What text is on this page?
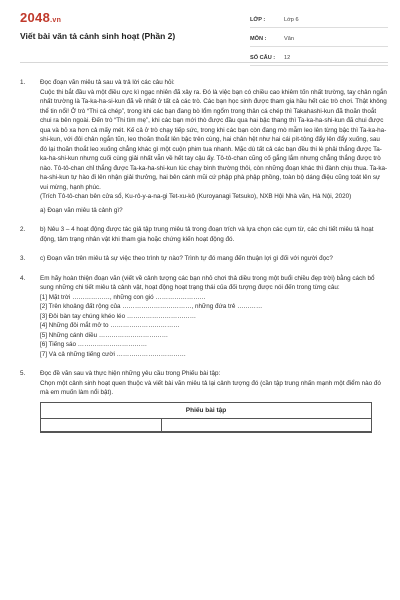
2048.vn
Viết bài văn tả cảnh sinh hoạt (Phần 2)
LỚP :	Lớp 6
MÔN :	Văn
SỐ CÂU :	12
1.	Đọc đoạn văn miêu tả sau và trả lời các câu hỏi:

Cuộc thi bắt đầu và một điều cực kì ngạc nhiên đã xảy ra. Đó là việc bạn có chiều cao khiêm tốn nhất trường, tay chân ngắn nhất trường là Ta-ka-ha-si-kun đã về nhất ở tất cả các trò. Các bạn học sinh được tham gia hầu hết các trò chơi. Thật không thể tin nổi! Ở trò “Thi cá chép”, trong khi các bạn đang bò lổm ngổm trong thân cá chép thì Takahashi-kun đã thoăn thoắt chui ra bên ngoài. Đến trò “Thi tìm mẹ”, khi các bạn mới thò được đầu qua hai bậc thang thì Ta-ka-ha-shi-kun đã chui được qua và bỏ xa hơn cả mấy mét. Kế cả ở trò chạy tiếp sức, trong khi các bạn còn đang mò mẫm leo lên từng bậc thì Ta-ka-ha-shi-kun, với đôi chân ngắn tũn, leo thoăn thoắt lên bậc trên cùng, hai chân hệt như hai cái pít-tông đẩy lên đẩy xuống, sau đó lại thoăn thoắt leo xuống chẳng khác gì một cuộn phim tua nhanh. Mặc dù tất cả các bạn đều thi lè phải thắng được Ta-ka-ha-shi-kun nhưng cuối cùng giải nhất vẫn về hết tay cậu ấy. Tô-tô-chan cũng cố gắng lắm nhưng chẳng thắng được trò nào. Tô-tô-chan chỉ thắng được Ta-ka-ha-shi-kun lúc chạy bình thường thôi, còn những đoạn khác thì đành chịu thua. Ta-ka-ha-shi-kun tự hào đi lên nhận giải thưởng, hai bên cánh mũi cứ phập phà phập phồng, toàn bộ dáng điệu cũng toát lên sự vui mừng, hạnh phúc.

(Trích Tô-tô-chan bên cửa sổ, Ku-rô-y-a-na-gi Tet-xu-kô (Kuroyanagi Tetsuko), NXB Hội Nhà văn, Hà Nội, 2020)

a) Đoạn văn miêu tả cảnh gì?

2.	b) Nêu 3 – 4 hoạt động được tác giả tập trung miêu tả trong đoạn trích và lựa chọn các cụm từ, các chi tiết miêu tả hoạt động, tâm trạng nhân vật khi tham gia hoặc chứng kiến hoạt động đó.

3.	c) Đoạn văn trên miêu tả sự việc theo trình tự nào? Trình tự đó mang đến thuận lợi gì đối với người đọc?

4.	Em hãy hoàn thiện đoạn văn (viết về cảnh tượng các bạn nhỏ chơi thả diều trong một buổi chiều đẹp trời) bằng cách bổ sung những chi tiết miêu tả cảnh vật, hoạt động hoạt trạng thái của đối tượng được nói đến trong từng câu:

[1] Mặt trời ………………, những con gió ……………………

[2] Trên khoảng đất rộng của ……………………………, những đứa trẻ …………

[3] Đôi bàn tay chúng khéo léo ……………………………

[4] Những đôi mắt mở to ……………………………

[5] Những cánh diều ……………………………

[6] Tiếng sáo ……………………………

[7] Và cả những tiếng cười ……………………………

5.	Đọc đề văn sau và thực hiện những yêu cầu trong Phiếu bài tập:

Chọn một cảnh sinh hoạt quen thuộc và viết bài văn miêu tả lại cảnh tượng đó (cần tập trung nhấn mạnh một điểm nào đó mà em muốn làm nổi bật).

Phiếu bài tập
